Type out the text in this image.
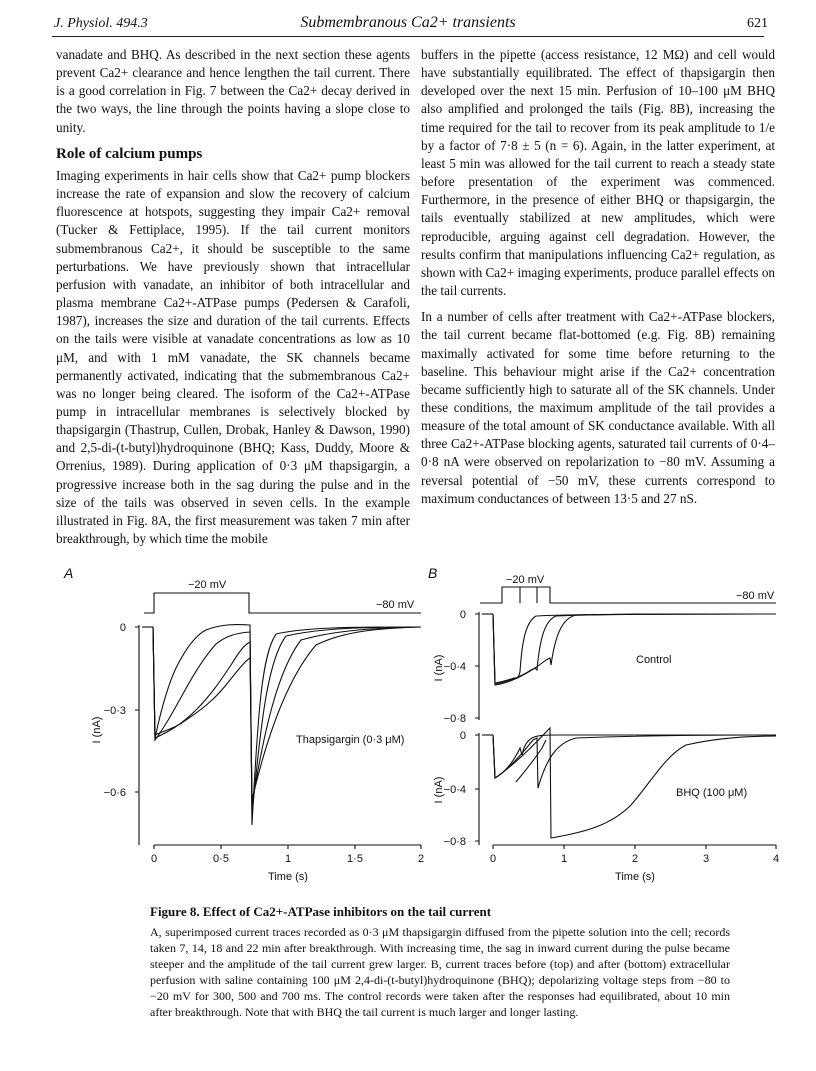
J. Physiol. 494.3	Submembranous Ca2+ transients	621

vanadate and BHQ. As described in the next section these agents prevent Ca2+ clearance and hence lengthen the tail current. There is a good correlation in Fig. 7 between the Ca2+ decay derived in the two ways, the line through the points having a slope close to unity.

Role of calcium pumps

Imaging experiments in hair cells show that Ca2+ pump blockers increase the rate of expansion and slow the recovery of calcium fluorescence at hotspots, suggesting they impair Ca2+ removal (Tucker & Fettiplace, 1995). If the tail current monitors submembranous Ca2+, it should be susceptible to the same perturbations. We have previously shown that intracellular perfusion with vanadate, an inhibitor of both intracellular and plasma membrane Ca2+-ATPase pumps (Pedersen & Carafoli, 1987), increases the size and duration of the tail currents. Effects on the tails were visible at vanadate concentrations as low as 10 μM, and with 1 mM vanadate, the SK channels became permanently activated, indicating that the submembranous Ca2+ was no longer being cleared. The isoform of the Ca2+-ATPase pump in intracellular membranes is selectively blocked by thapsigargin (Thastrup, Cullen, Drobak, Hanley & Dawson, 1990) and 2,5-di-(t-butyl)hydroquinone (BHQ; Kass, Duddy, Moore & Orrenius, 1989). During application of 0·3 μM thapsigargin, a progressive increase both in the sag during the pulse and in the size of the tails was observed in seven cells. In the example illustrated in Fig. 8A, the first measurement was taken 7 min after breakthrough, by which time the mobile

buffers in the pipette (access resistance, 12 MΩ) and cell would have substantially equilibrated. The effect of thapsigargin then developed over the next 15 min. Perfusion of 10–100 μM BHQ also amplified and prolonged the tails (Fig. 8B), increasing the time required for the tail to recover from its peak amplitude to 1/e by a factor of 7·8 ± 5 (n = 6). Again, in the latter experiment, at least 5 min was allowed for the tail current to reach a steady state before presentation of the experiment was commenced. Furthermore, in the presence of either BHQ or thapsigargin, the tails eventually stabilized at new amplitudes, which were reproducible, arguing against cell degradation. However, the results confirm that manipulations influencing Ca2+ regulation, as shown with Ca2+ imaging experiments, produce parallel effects on the tail currents.

In a number of cells after treatment with Ca2+-ATPase blockers, the tail current became flat-bottomed (e.g. Fig. 8B) remaining maximally activated for some time before returning to the baseline. This behaviour might arise if the Ca2+ concentration became sufficiently high to saturate all of the SK channels. Under these conditions, the maximum amplitude of the tail provides a measure of the total amount of SK conductance available. With all three Ca2+-ATPase blocking agents, saturated tail currents of 0·4–0·8 nA were observed on repolarization to −80 mV. Assuming a reversal potential of −50 mV, these currents correspond to maximum conductances of between 13·5 and 27 nS.

A
−20 mV
−80 mV
0
−0·3
−0·6
0	0·5	1	1·5	2
Time (s)
I (nA)	Thapsigargin (0·3 μM)
B	−20 mV
−80 mV
0
−0·4
−0·8
0
−0·4
−0·8
0	1	2	3	4
Time (s)
I (nA)
I (nA)
Control
BHQ (100 μM)
Figure 8. Effect of Ca2+-ATPase inhibitors on the tail current
A, superimposed current traces recorded as 0·3 μM thapsigargin diffused from the pipette solution into the cell; records taken 7, 14, 18 and 22 min after breakthrough. With increasing time, the sag in inward current during the pulse became steeper and the amplitude of the tail current grew larger. B, current traces before (top) and after (bottom) extracellular perfusion with saline containing 100 μM 2,4-di-(t-butyl)hydroquinone (BHQ); depolarizing voltage steps from −80 to −20 mV for 300, 500 and 700 ms. The control records were taken after the responses had equilibrated, about 10 min after breakthrough. Note that with BHQ the tail current is much larger and longer lasting.
